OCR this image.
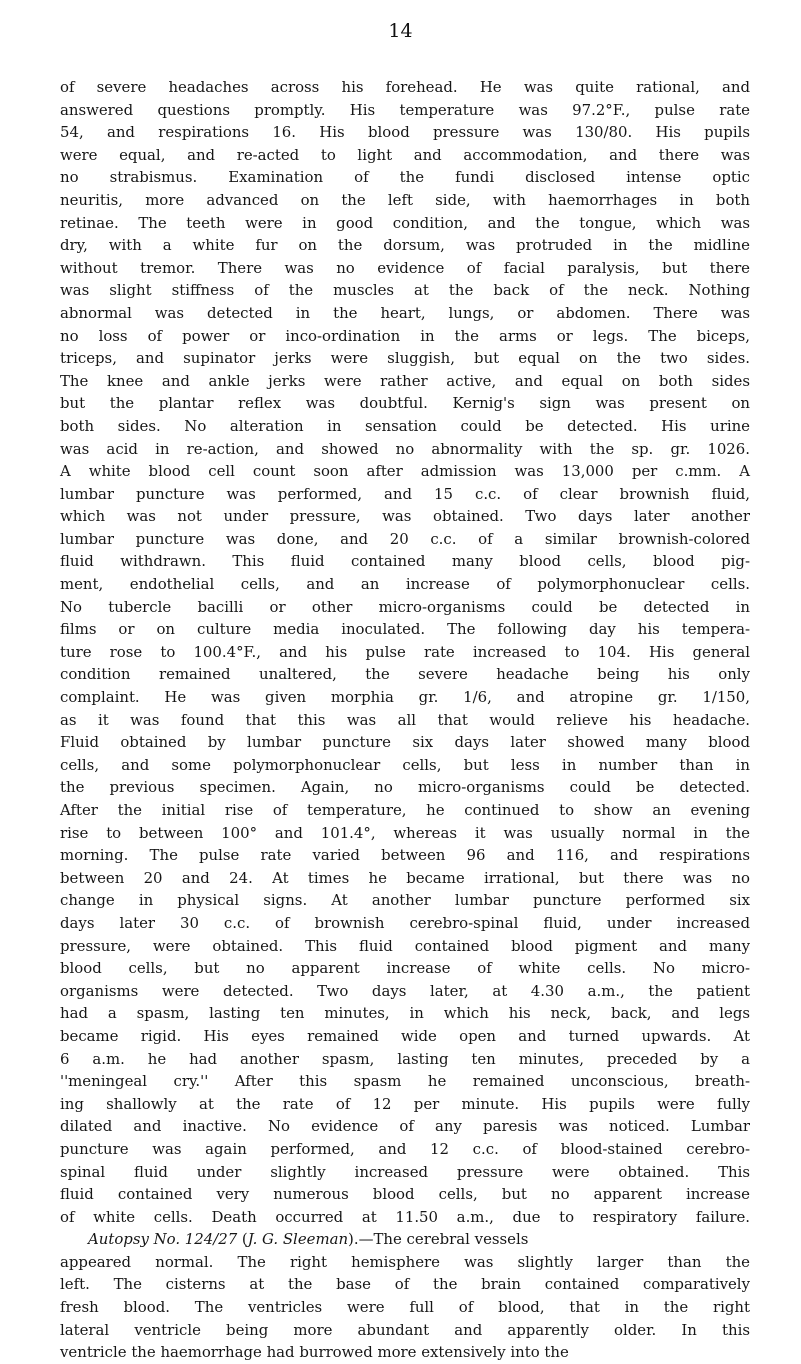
14
of severe headaches across his forehead. He was quite rational, and
answered questions promptly. His temperature was 97.2°F., pulse rate
54, and respirations 16. His blood pressure was 130/80. His pupils
were equal, and re-acted to light and accommodation, and there was
no strabismus. Examination of the fundi disclosed intense optic
neuritis, more advanced on the left side, with haemorrhages in both
retinae. The teeth were in good condition, and the tongue, which was
dry, with a white fur on the dorsum, was protruded in the midline
without tremor. There was no evidence of facial paralysis, but there
was slight stiffness of the muscles at the back of the neck. Nothing
abnormal was detected in the heart, lungs, or abdomen. There was
no loss of power or inco-ordination in the arms or legs. The biceps,
triceps, and supinator jerks were sluggish, but equal on the two sides.
The knee and ankle jerks were rather active, and equal on both sides
but the plantar reflex was doubtful. Kernig's sign was present on
both sides. No alteration in sensation could be detected. His urine
was acid in re-action, and showed no abnormality with the sp. gr. 1026.
A white blood cell count soon after admission was 13,000 per c.mm. A
lumbar puncture was performed, and 15 c.c. of clear brownish fluid,
which was not under pressure, was obtained. Two days later another
lumbar puncture was done, and 20 c.c. of a similar brownish-colored
fluid withdrawn. This fluid contained many blood cells, blood pig-
ment, endothelial cells, and an increase of polymorphonuclear cells.
No tubercle bacilli or other micro-organisms could be detected in
films or on culture media inoculated. The following day his tempera-
ture rose to 100.4°F., and his pulse rate increased to 104. His general
condition remained unaltered, the severe headache being his only
complaint. He was given morphia gr. 1/6, and atropine gr. 1/150,
as it was found that this was all that would relieve his headache.
Fluid obtained by lumbar puncture six days later showed many blood
cells, and some polymorphonuclear cells, but less in number than in
the previous specimen. Again, no micro-organisms could be detected.
After the initial rise of temperature, he continued to show an evening
rise to between 100° and 101.4°, whereas it was usually normal in the
morning. The pulse rate varied between 96 and 116, and respirations
between 20 and 24. At times he became irrational, but there was no
change in physical signs. At another lumbar puncture performed six
days later 30 c.c. of brownish cerebro-spinal fluid, under increased
pressure, were obtained. This fluid contained blood pigment and many
blood cells, but no apparent increase of white cells. No micro-
organisms were detected. Two days later, at 4.30 a.m., the patient
had a spasm, lasting ten minutes, in which his neck, back, and legs
became rigid. His eyes remained wide open and turned upwards. At
6 a.m. he had another spasm, lasting ten minutes, preceded by a
''meningeal cry.'' After this spasm he remained unconscious, breath-
ing shallowly at the rate of 12 per minute. His pupils were fully
dilated and inactive. No evidence of any paresis was noticed. Lumbar
puncture was again performed, and 12 c.c. of blood-stained cerebro-
spinal fluid under slightly increased pressure were obtained. This
fluid contained very numerous blood cells, but no apparent increase
of white cells. Death occurred at 11.50 a.m., due to respiratory failure.
Autopsy No. 124/27 (J. G. Sleeman).—The cerebral vessels
appeared normal. The right hemisphere was slightly larger than the
left. The cisterns at the base of the brain contained comparatively
fresh blood. The ventricles were full of blood, that in the right
lateral ventricle being more abundant and apparently older. In this
ventricle the haemorrhage had burrowed more extensively into the
